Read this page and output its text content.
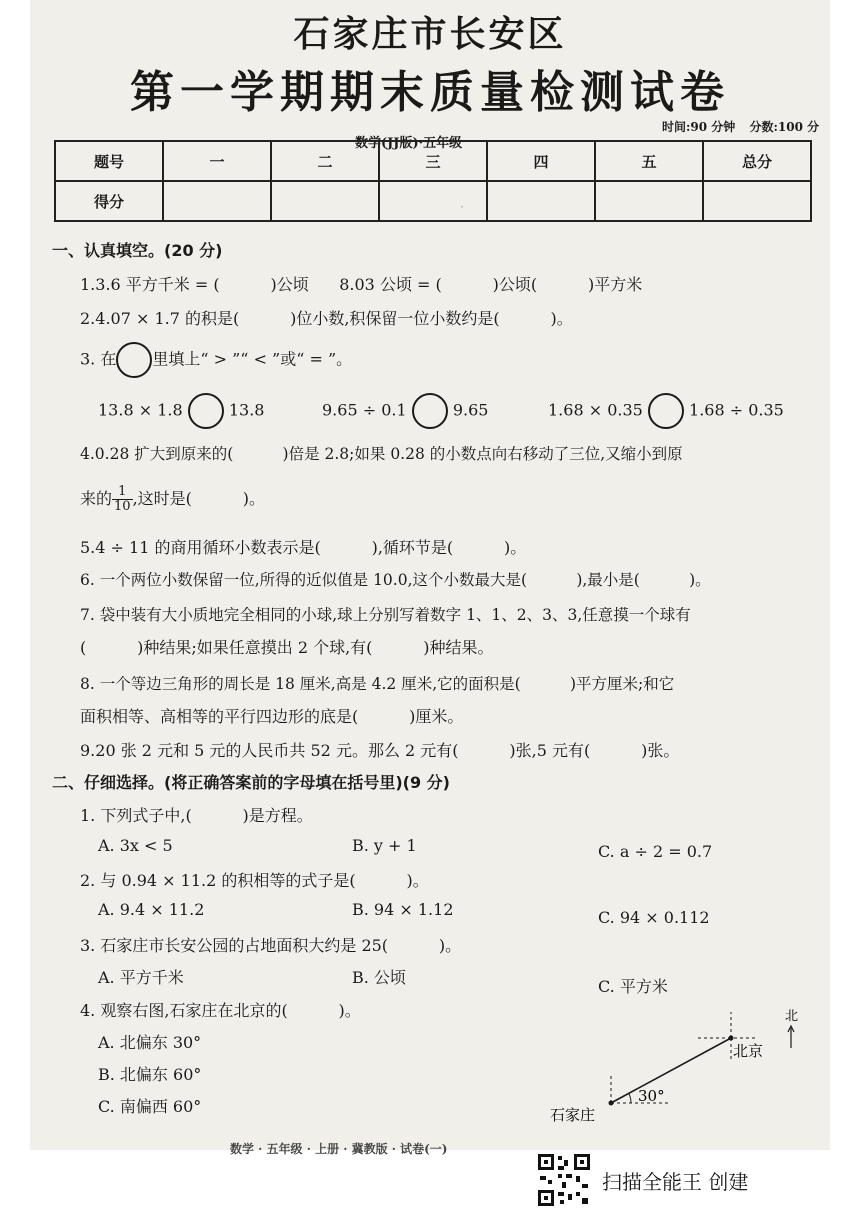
·
石家庄市长安区
第一学期期末质量检测试卷
数学(JJ版)·五年级
时间:90 分钟 分数:100 分
题号	一	二	三	四	五	总分
得分						
一、认真填空。(20 分)
1.3.6 平方千米 = (          )公顷      8.03 公顷 = (          )公顷(          )平方米
2.4.07 × 1.7 的积是(          )位小数,积保留一位小数约是(          )。
3. 在 里填上“ > ”“ < ”或“ = ”。
13.8 × 1.8	13.8	9.65 ÷ 0.1	9.65	1.68 × 0.35	1.68 ÷ 0.35
4.0.28 扩大到原来的(          )倍是 2.8;如果 0.28 的小数点向右移动了三位,又缩小到原
来的 $\frac{1}{10}$ ,这时是(          )。
5.4 ÷ 11 的商用循环小数表示是(          ),循环节是(          )。
6. 一个两位小数保留一位,所得的近似值是 10.0,这个小数最大是(          ),最小是(          )。
7. 袋中装有大小质地完全相同的小球,球上分别写着数字 1、1、2、3、3,任意摸一个球有
(          )种结果;如果任意摸出 2 个球,有(          )种结果。
8. 一个等边三角形的周长是 18 厘米,高是 4.2 厘米,它的面积是(          )平方厘米;和它
面积相等、高相等的平行四边形的底是(          )厘米。
9.20 张 2 元和 5 元的人民币共 52 元。那么 2 元有(          )张,5 元有(          )张。
二、仔细选择。(将正确答案前的字母填在括号里)(9 分)
1. 下列式子中,(          )是方程。
A. 3x < 5	B. y + 1	C. a ÷ 2 = 0.7
2. 与 0.94 × 11.2 的积相等的式子是(          )。
A. 9.4 × 11.2	B. 94 × 1.12	C. 94 × 0.112
3. 石家庄市长安公园的占地面积大约是 25(          )。
A. 平方千米	B. 公顷	C. 平方米
4. 观察右图,石家庄在北京的(          )。
A. 北偏东 30°
B. 北偏东 60°
C. 南偏西 60°
30°
北京
石家庄
北
数学 · 五年级 · 上册 · 冀教版 · 试卷(一)
扫描全能王 创建
